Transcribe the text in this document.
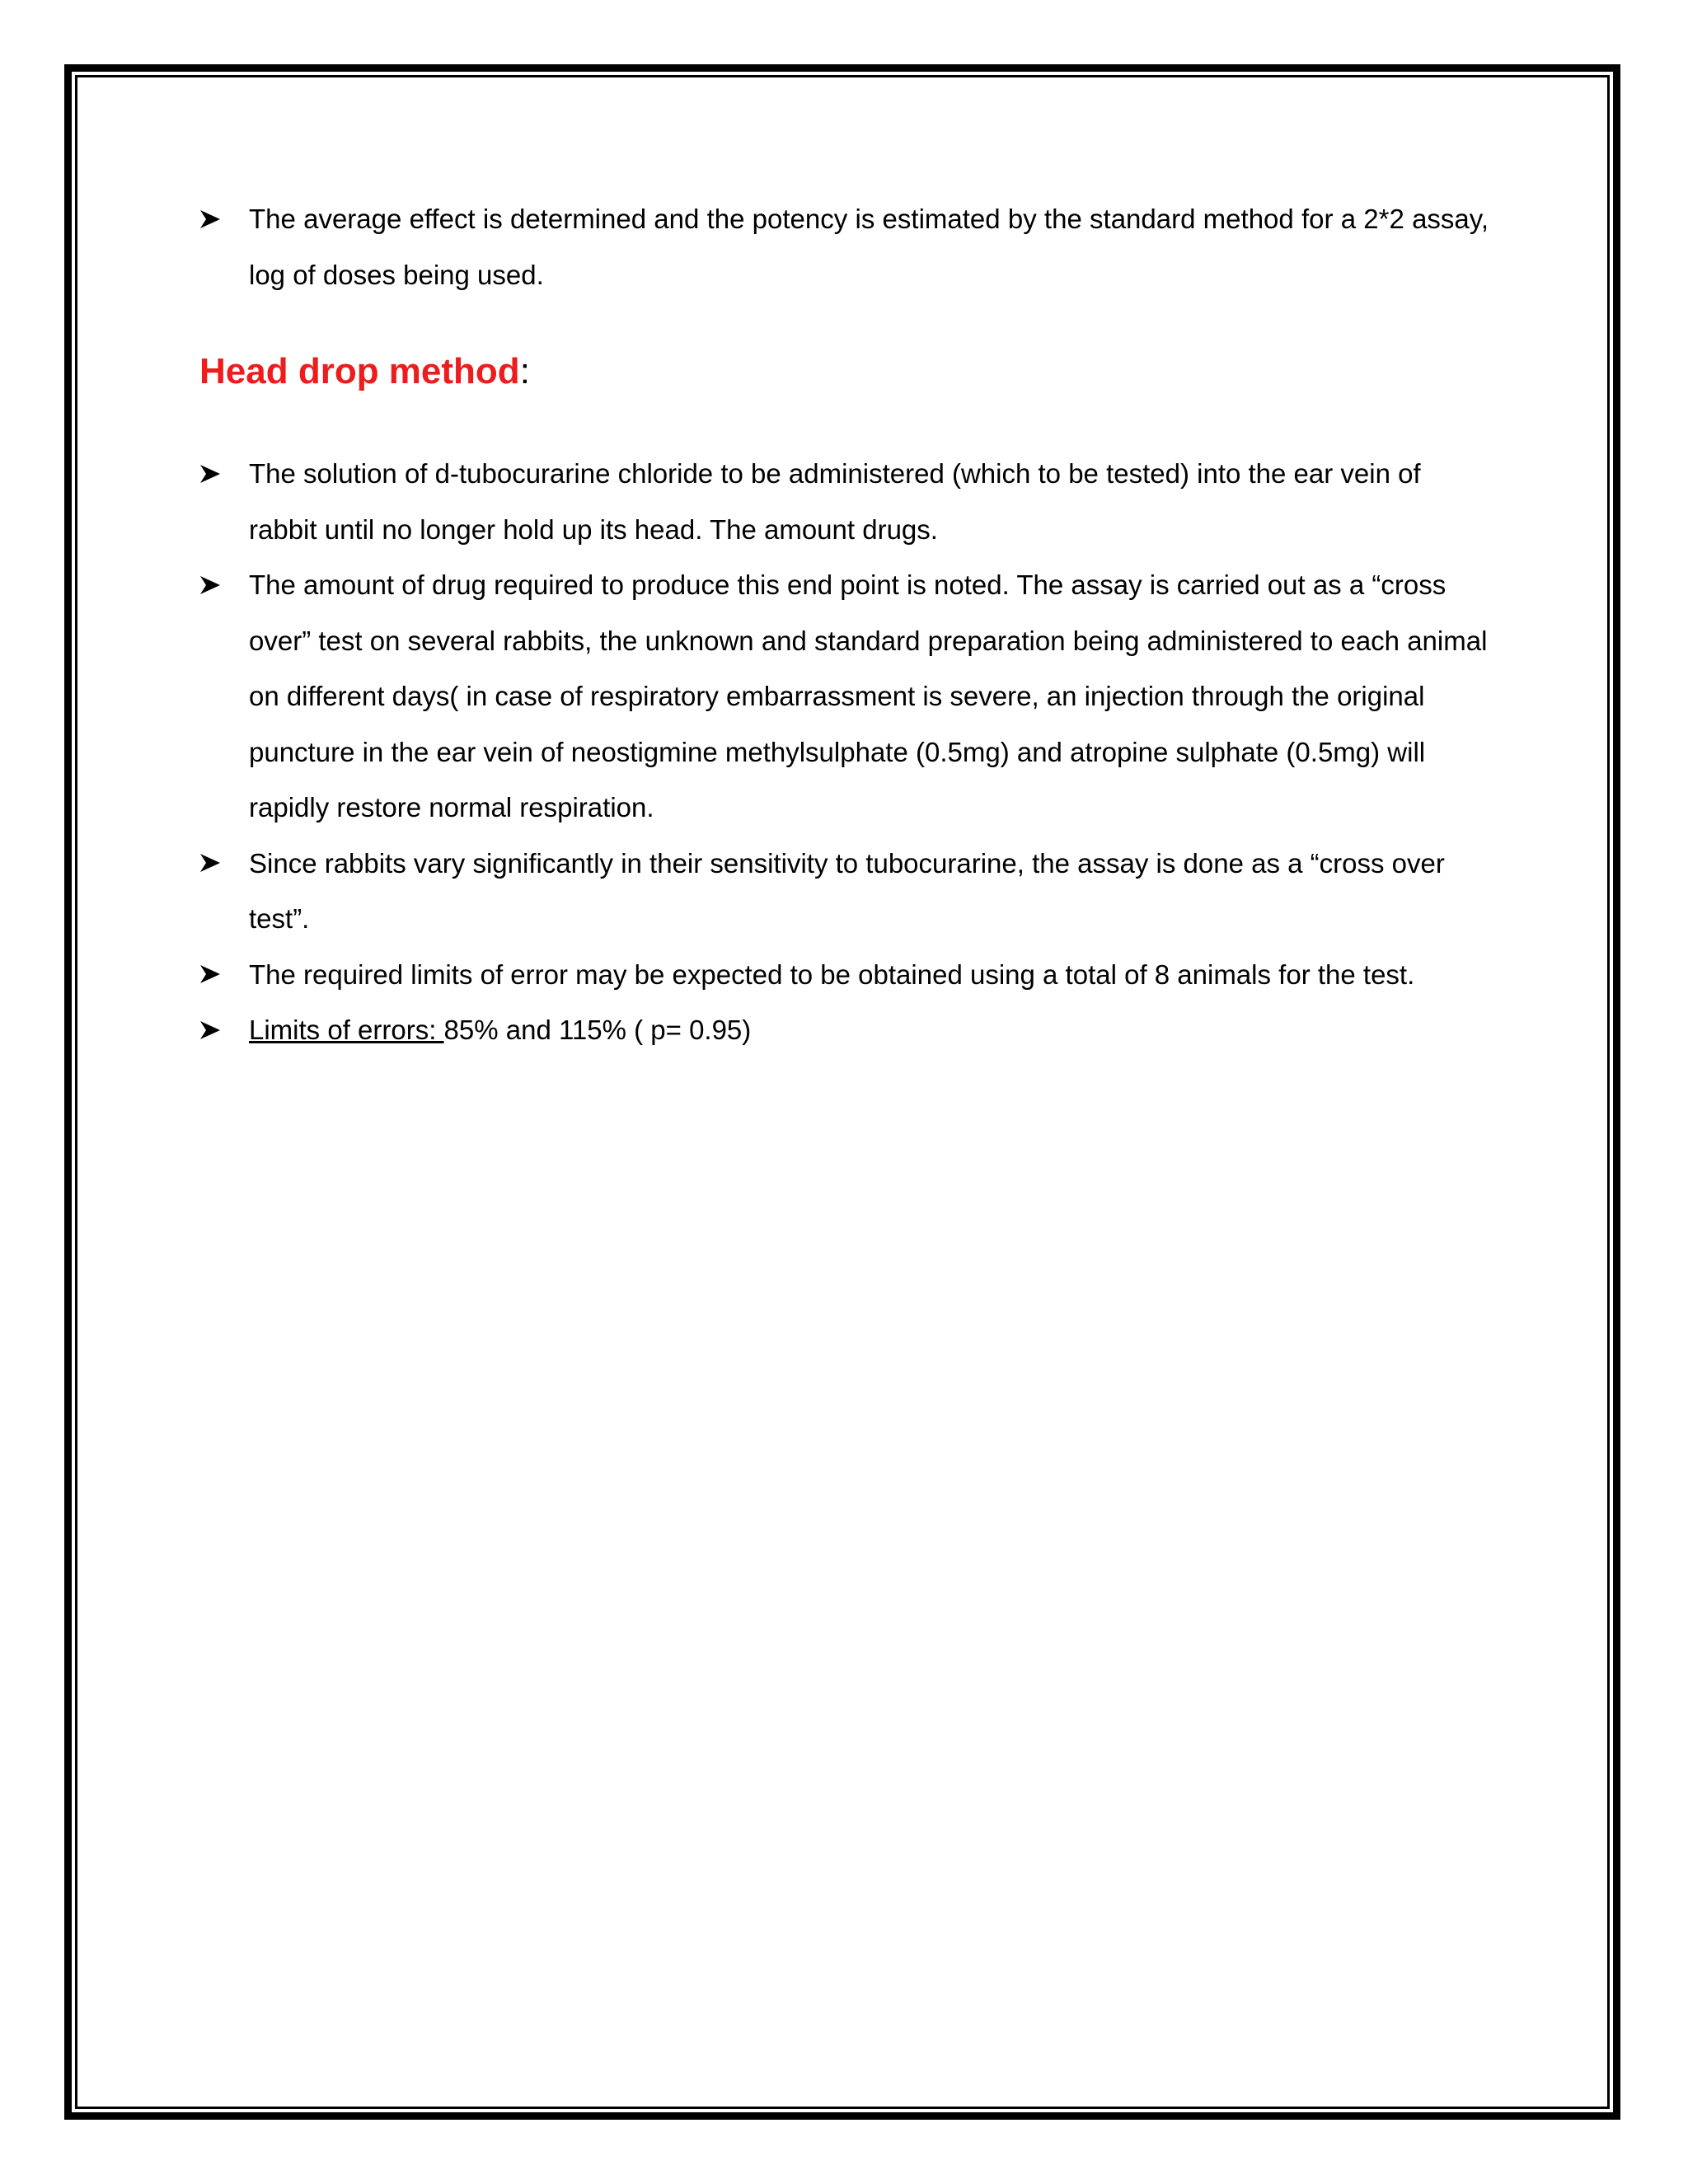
The average effect is determined and the potency is estimated by the standard method for a 2*2 assay, log of doses being used.
Head drop method:
The solution of d-tubocurarine chloride to be administered (which to be tested) into the ear vein of rabbit until no longer hold up its head. The amount drugs.
The amount of drug required to produce this end point is noted. The assay is carried out as a “cross over” test on several rabbits, the unknown and standard preparation being administered to each animal on different days( in case of respiratory embarrassment is severe, an injection through the original puncture in the ear vein of neostigmine methylsulphate (0.5mg) and atropine sulphate (0.5mg) will rapidly restore normal respiration.
Since rabbits vary significantly in their sensitivity to tubocurarine, the assay is done as a “cross over test”.
The required limits of error may be expected to be obtained using a total of 8 animals for the test.
Limits of errors: 85% and 115% ( p= 0.95)
